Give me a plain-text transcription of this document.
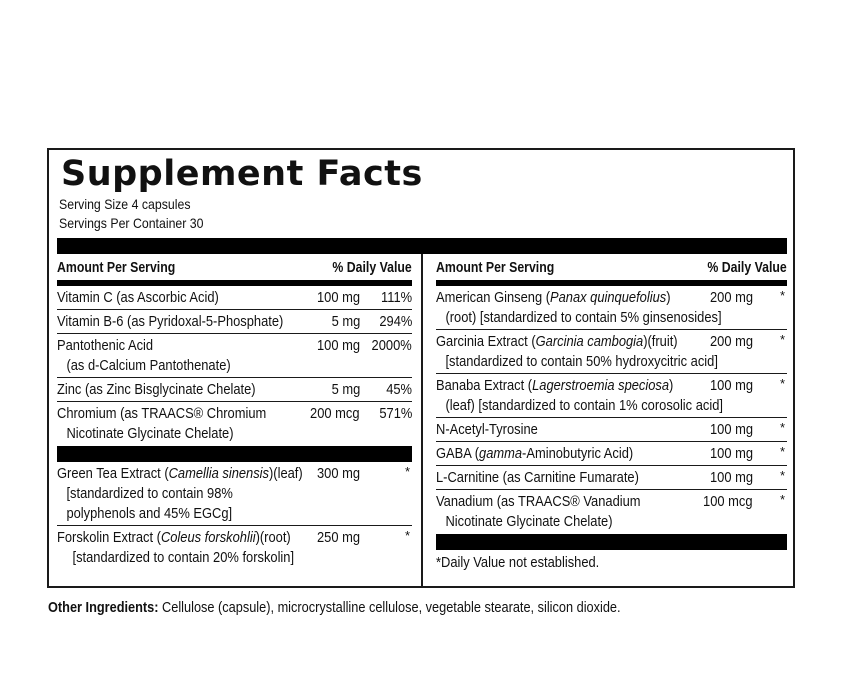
Supplement Facts
Serving Size 4 capsules
Servings Per Container 30
Amount Per Serving	% Daily Value
Vitamin C (as Ascorbic Acid)	100 mg 111%
Vitamin B-6 (as Pyridoxal-5-Phosphate)	5 mg 294%
Pantothenic Acid
(as d-Calcium Pantothenate)
100 mg 2000%
Zinc (as Zinc Bisglycinate Chelate)	5 mg 45%
Chromium (as TRAACS® Chromium
Nicotinate Glycinate Chelate)
200 mcg 571%
Green Tea Extract (Camellia sinensis)(leaf)
[standardized to contain 98%
polyphenols and 45% EGCg]
300 mg	*
Forskolin Extract (Coleus forskohlii)(root)
[standardized to contain 20% forskolin]
250 mg	*
Amount Per Serving	% Daily Value
American Ginseng (Panax quinquefolius)
(root) [standardized to contain 5% ginsenosides]
200 mg *
Garcinia Extract (Garcinia cambogia)(fruit)
[standardized to contain 50% hydroxycitric acid]
200 mg *
Banaba Extract (Lagerstroemia speciosa)
(leaf) [standardized to contain 1% corosolic acid]
100 mg *
N-Acetyl-Tyrosine	100 mg *
GABA (gamma-Aminobutyric Acid)	100 mg *
L-Carnitine (as Carnitine Fumarate)	100 mg *
Vanadium (as TRAACS® Vanadium
Nicotinate Glycinate Chelate)
100 mcg *
*Daily Value not established.
Other Ingredients: Cellulose (capsule), microcrystalline cellulose, vegetable stearate, silicon dioxide.
